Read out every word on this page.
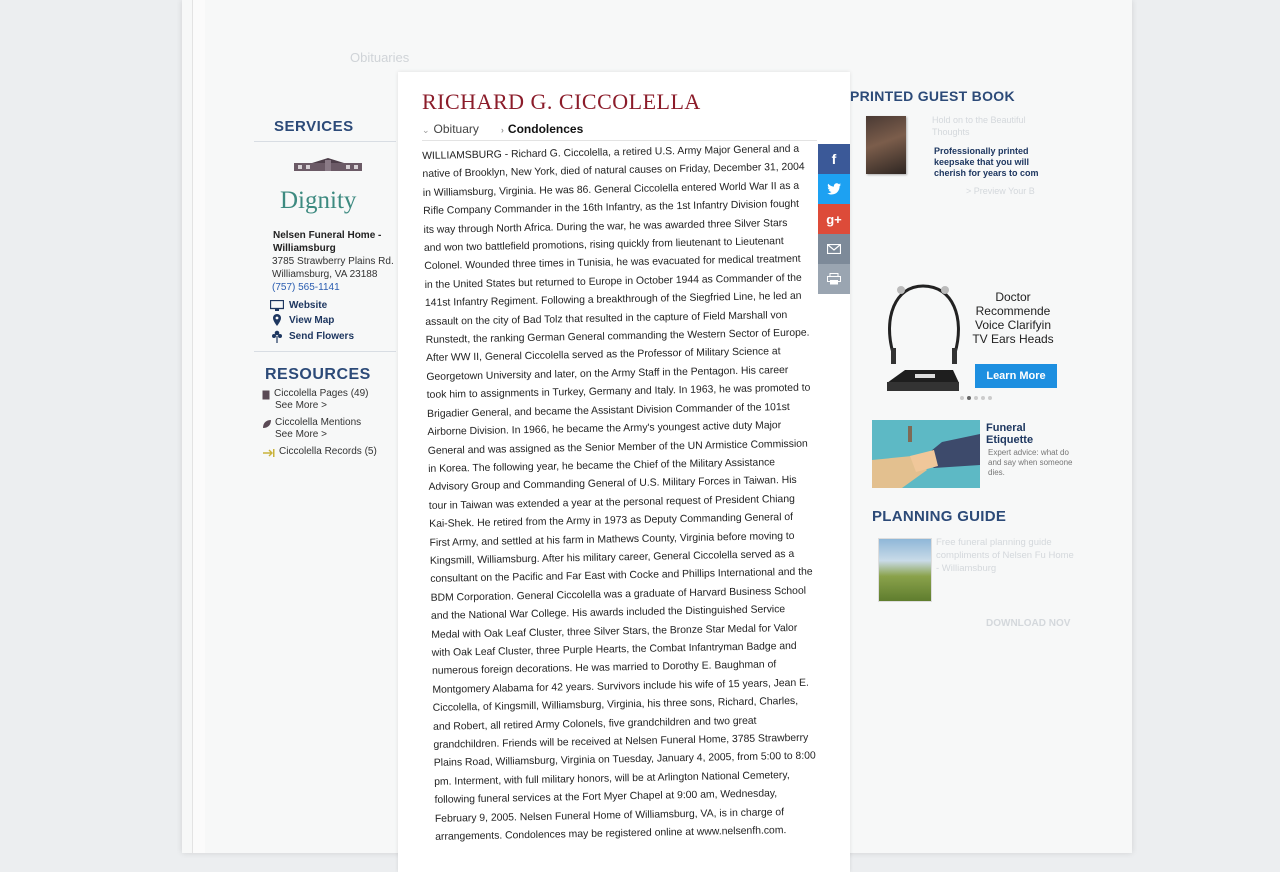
Obituaries
SERVICES
Dignity
Nelsen Funeral Home - Williamsburg
3785 Strawberry Plains Rd.
Williamsburg, VA 23188
(757) 565-1141
Website
View Map
Send Flowers
RESOURCES
Ciccolella Pages (49)
See More >
Ciccolella Mentions
See More >
Ciccolella Records (5)
RICHARD G. CICCOLELLA
⌄ Obituary › Condolences
WILLIAMSBURG - Richard G. Ciccolella, a retired U.S. Army Major General and a native of Brooklyn, New York, died of natural causes on Friday, December 31, 2004 in Williamsburg, Virginia. He was 86. General Ciccolella entered World War II as a Rifle Company Commander in the 16th Infantry, as the 1st Infantry Division fought its way through North Africa. During the war, he was awarded three Silver Stars and won two battlefield promotions, rising quickly from lieutenant to Lieutenant Colonel. Wounded three times in Tunisia, he was evacuated for medical treatment in the United States but returned to Europe in October 1944 as Commander of the 141st Infantry Regiment. Following a breakthrough of the Siegfried Line, he led an assault on the city of Bad Tolz that resulted in the capture of Field Marshall von Runstedt, the ranking German General commanding the Western Sector of Europe. After WW II, General Ciccolella served as the Professor of Military Science at Georgetown University and later, on the Army Staff in the Pentagon. His career took him to assignments in Turkey, Germany and Italy. In 1963, he was promoted to Brigadier General, and became the Assistant Division Commander of the 101st Airborne Division. In 1966, he became the Army's youngest active duty Major General and was assigned as the Senior Member of the UN Armistice Commission in Korea. The following year, he became the Chief of the Military Assistance Advisory Group and Commanding General of U.S. Military Forces in Taiwan. His tour in Taiwan was extended a year at the personal request of President Chiang Kai-Shek. He retired from the Army in 1973 as Deputy Commanding General of First Army, and settled at his farm in Mathews County, Virginia before moving to Kingsmill, Williamsburg. After his military career, General Ciccolella served as a consultant on the Pacific and Far East with Cocke and Phillips International and the BDM Corporation. General Ciccolella was a graduate of Harvard Business School and the National War College. His awards included the Distinguished Service Medal with Oak Leaf Cluster, three Silver Stars, the Bronze Star Medal for Valor with Oak Leaf Cluster, three Purple Hearts, the Combat Infantryman Badge and numerous foreign decorations. He was married to Dorothy E. Baughman of Montgomery Alabama for 42 years. Survivors include his wife of 15 years, Jean E. Ciccolella, of Kingsmill, Williamsburg, Virginia, his three sons, Richard, Charles, and Robert, all retired Army Colonels, five grandchildren and two great grandchildren. Friends will be received at Nelsen Funeral Home, 3785 Strawberry Plains Road, Williamsburg, Virginia on Tuesday, January 4, 2005, from 5:00 to 8:00 pm. Interment, with full military honors, will be at Arlington National Cemetery, following funeral services at the Fort Myer Chapel at 9:00 am, Wednesday, February 9, 2005. Nelsen Funeral Home of Williamsburg, VA, is in charge of arrangements. Condolences may be registered online at www.nelsenfh.com.
f
g+
PRINTED GUEST BOOK
Hold on to the Beautiful Thoughts
Professionally printed keepsake that you will cherish for years to com
> Preview Your B
Doctor
Recommende
Voice Clarifyin
TV Ears Heads
Learn More
Funeral Etiquette
Expert advice: what do and say when someone dies.
PLANNING GUIDE
Free funeral planning guide compliments of Nelsen Fu Home - Williamsburg
DOWNLOAD NOV
